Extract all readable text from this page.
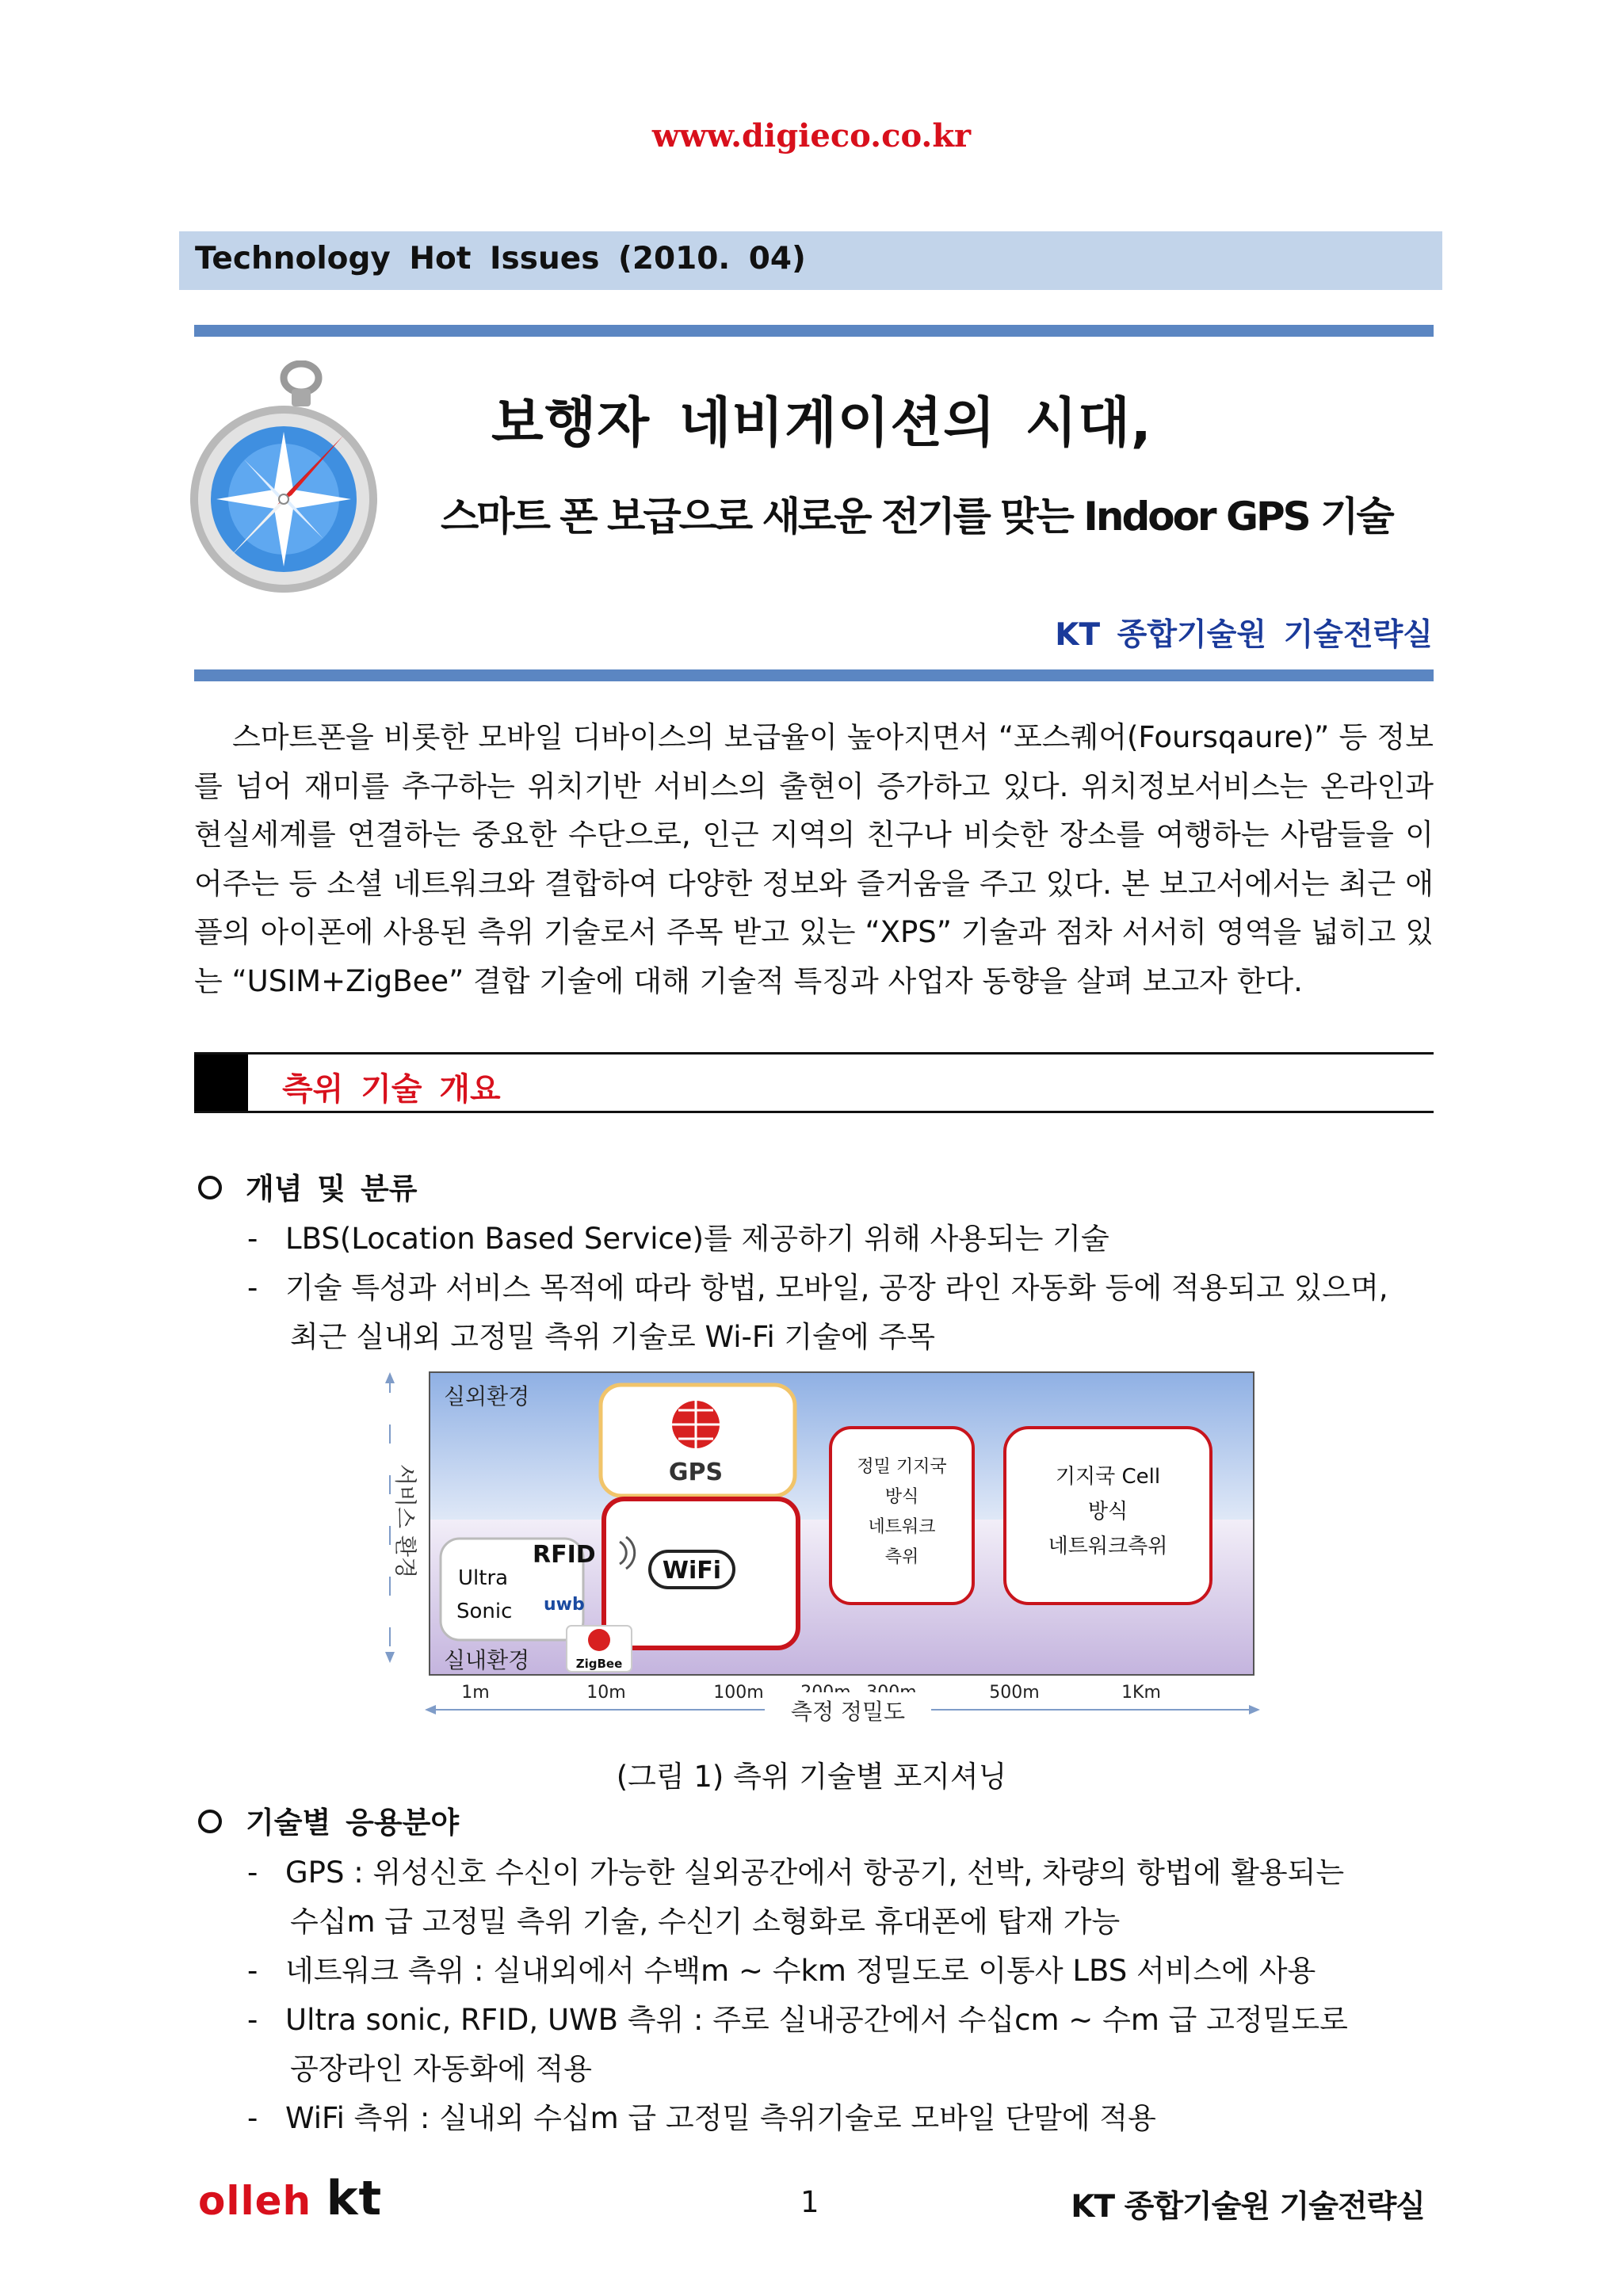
www.digieco.co.kr
Technology Hot Issues (2010. 04)
보행자 네비게이션의 시대,
스마트 폰 보급으로 새로운 전기를 맞는 Indoor GPS 기술
KT 종합기술원 기술전략실

스마트폰을 비롯한 모바일 디바이스의 보급율이 높아지면서 “포스퀘어(Foursqaure)” 등 정보를 넘어 재미를 추구하는 위치기반 서비스의 출현이 증가하고 있다. 위치정보서비스는 온라인과 현실세계를 연결하는 중요한 수단으로, 인근 지역의 친구나 비슷한 장소를 여행하는 사람들을 이어주는 등 소셜 네트워크와 결합하여 다양한 정보와 즐거움을 주고 있다. 본 보고서에서는 최근 애플의 아이폰에 사용된 측위 기술로서 주목 받고 있는 “XPS” 기술과 점차 서서히 영역을 넓히고 있는 “USIM+ZigBee” 결합 기술에 대해 기술적 특징과 사업자 동향을 살펴 보고자 한다.

측위 기술 개요
개념 및 분류
- LBS(Location Based Service)를 제공하기 위해 사용되는 기술
- 기술 특성과 서비스 목적에 따라 항법, 모바일, 공장 라인 자동화 등에 적용되고 있으며,
최근 실내외 고정밀 측위 기술로 Wi-Fi 기술에 주목
서비스 환경
실외환경
실내환경
GPS
WiFi
Ultra
Sonic
RFID
uwb
ZigBee
정밀 기지국
방식
네트워크
측위
기지국 Cell
방식
네트워크측위
1m	10m	100m	500m	1Km
측정 정밀도
(그림 1) 측위 기술별 포지셔닝
기술별 응용분야
- GPS : 위성신호 수신이 가능한 실외공간에서 항공기, 선박, 차량의 항법에 활용되는
수십m 급 고정밀 측위 기술, 수신기 소형화로 휴대폰에 탑재 가능
- 네트워크 측위 : 실내외에서 수백m ~ 수km 정밀도로 이통사 LBS 서비스에 사용
- Ultra sonic, RFID, UWB 측위 : 주로 실내공간에서 수십cm ~ 수m 급 고정밀도로
공장라인 자동화에 적용
- WiFi 측위 : 실내외 수십m 급 고정밀 측위기술로 모바일 단말에 적용
olleh kt	1	KT 종합기술원 기술전략실
